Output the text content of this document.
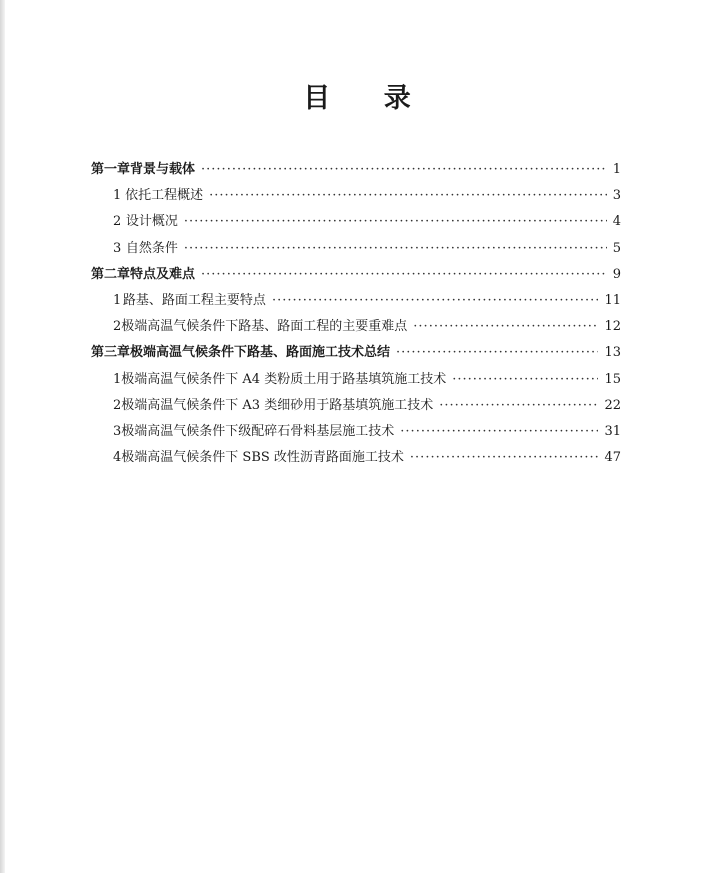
目 录
第一章 背景与载体 ·····	1
1 依托工程概述 ·····	3
2 设计概况 ·····	4
3 自然条件 ·····	5
第二章 特点及难点 ·····	9
1 路基、路面工程主要特点 ·····	11
2 极端高温气候条件下路基、路面工程的主要重难点 ·····	12
第三章 极端高温气候条件下路基、路面施工技术总结 ·····	13
1 极端高温气候条件下 A4 类粉质土用于路基填筑施工技术 ·····	15
2 极端高温气候条件下 A3 类细砂用于路基填筑施工技术 ·····	22
3 极端高温气候条件下级配碎石骨料基层施工技术 ·····	31
4 极端高温气候条件下 SBS 改性沥青路面施工技术 ·····	47
